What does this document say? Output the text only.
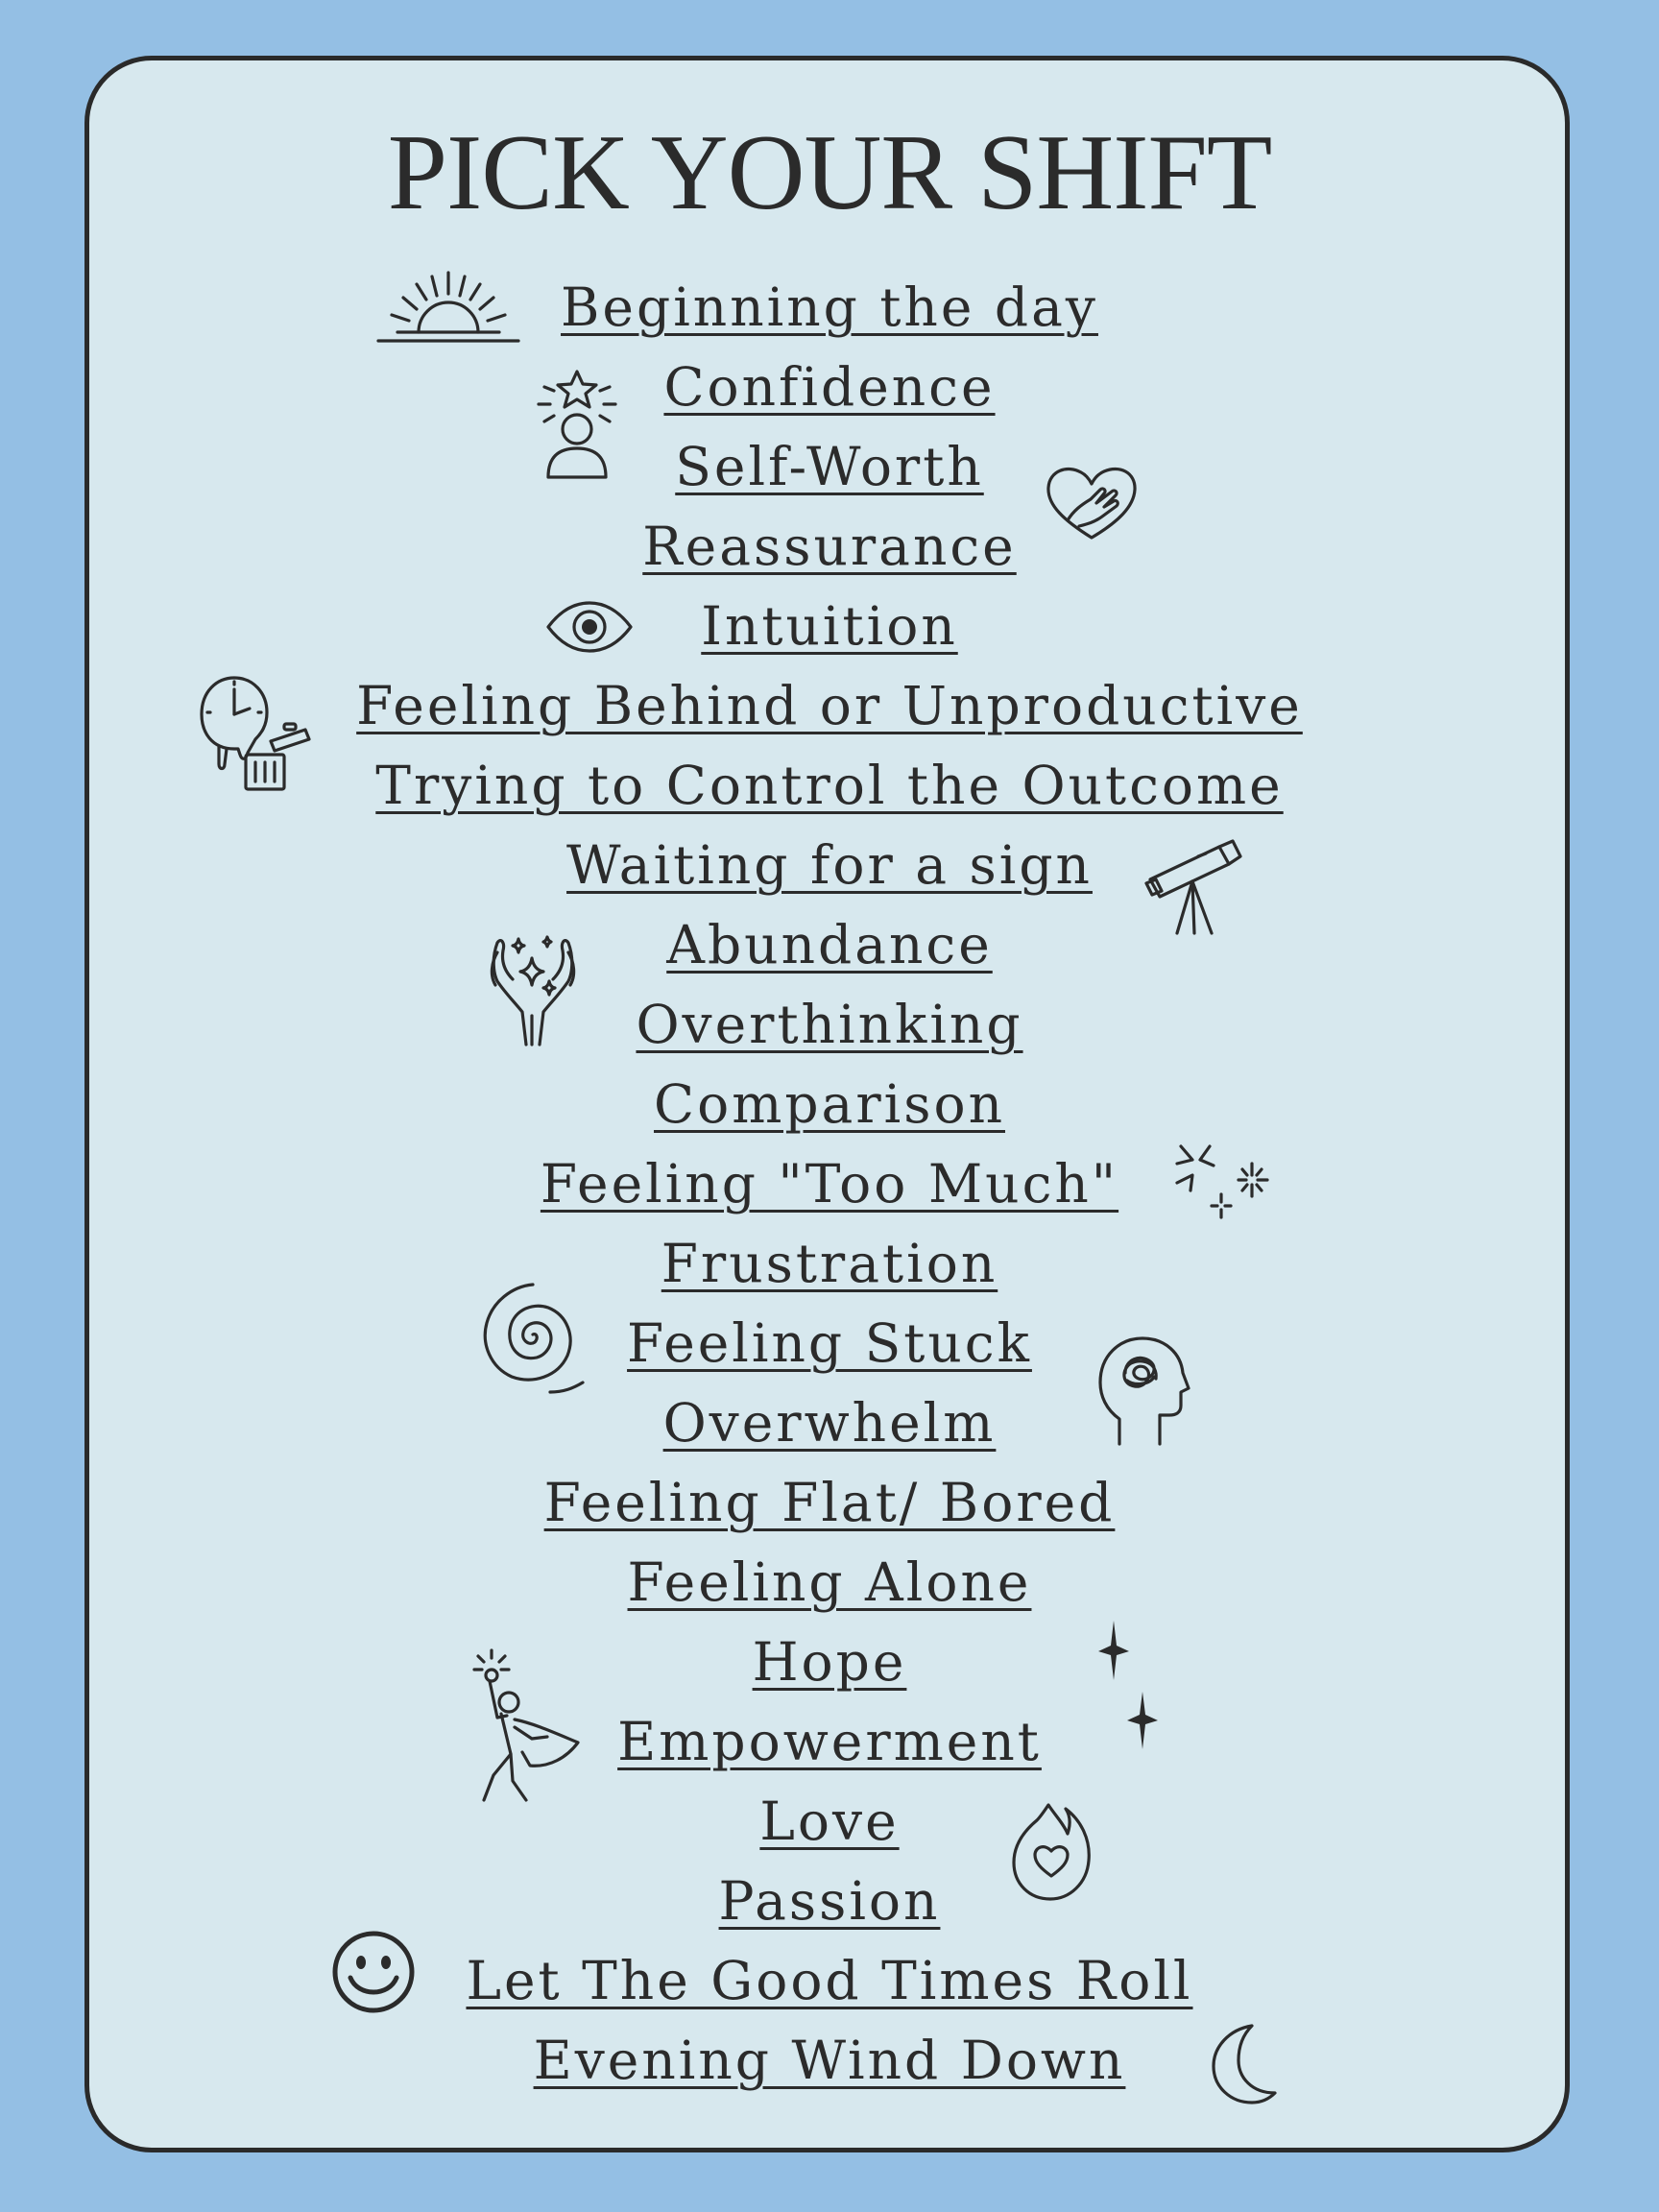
PICK YOUR SHIFT
Beginning the day
Confidence
Self-Worth
Reassurance
Intuition
Feeling Behind or Unproductive
Trying to Control the Outcome
Waiting for a sign
Abundance
Overthinking
Comparison
Feeling "Too Much"
Frustration
Feeling Stuck
Overwhelm
Feeling Flat/ Bored
Feeling Alone
Hope
Empowerment
Love
Passion
Let The Good Times Roll
Evening Wind Down
